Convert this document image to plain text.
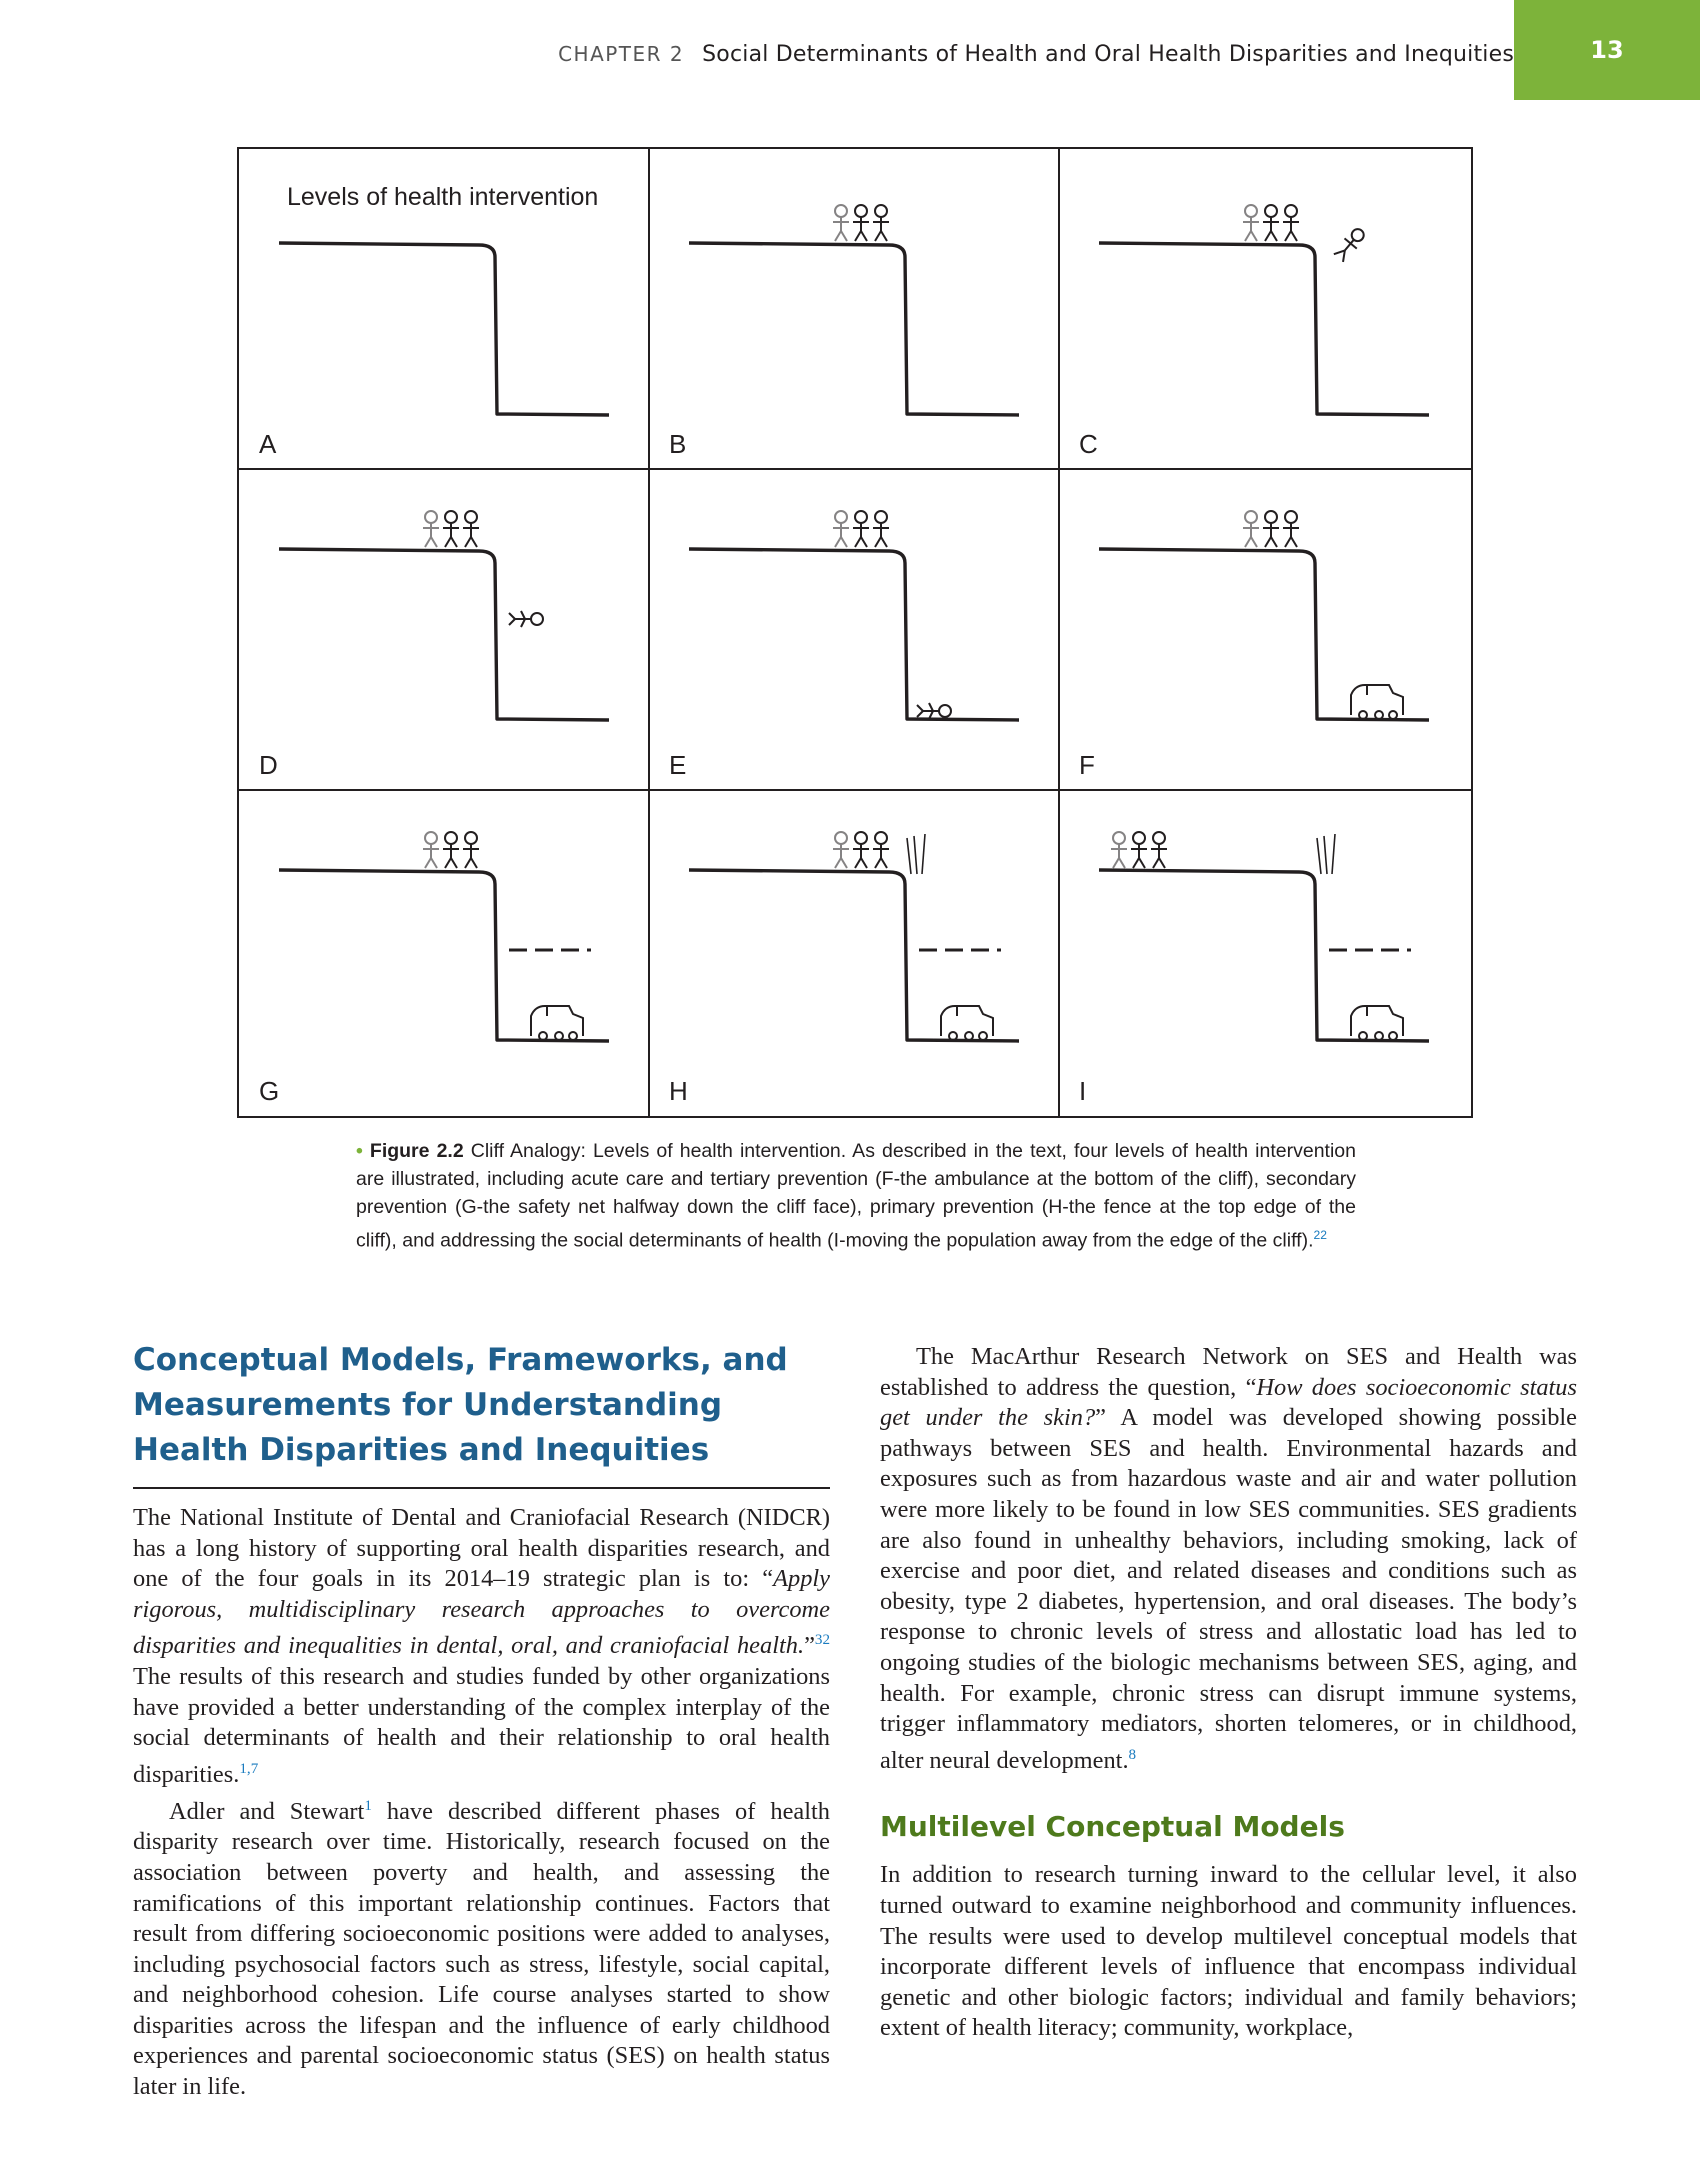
CHAPTER 2 Social Determinants of Health and Oral Health Disparities and Inequities	13
A
Levels of health intervention
B	C
D	E	F
G	H	I
• Figure 2.2 Cliff Analogy: Levels of health intervention. As described in the text, four levels of health intervention are illustrated, including acute care and tertiary prevention (F-the ambulance at the bottom of the cliff), secondary prevention (G-the safety net halfway down the cliff face), primary prevention (H-the fence at the top edge of the cliff), and addressing the social determinants of health (I-moving the population away from the edge of the cliff).$^{22}$
Conceptual Models, Frameworks, and Measurements for Understanding Health Disparities and Inequities

The National Institute of Dental and Craniofacial Research (NIDCR) has a long history of supporting oral health disparities research, and one of the four goals in its 2014–19 strategic plan is to: “Apply rigorous, multidisciplinary research approaches to overcome disparities and inequalities in dental, oral, and craniofacial health.”$^{32}$ The results of this research and studies funded by other organizations have provided a better understanding of the complex interplay of the social determinants of health and their relationship to oral health disparities.$^{1,7}$

Adler and Stewart$^1$ have described different phases of health disparity research over time. Historically, research focused on the association between poverty and health, and assessing the ramifications of this important relationship continues. Factors that result from differing socioeconomic positions were added to analyses, including psychosocial factors such as stress, lifestyle, social capital, and neighborhood cohesion. Life course analyses started to show disparities across the lifespan and the influence of early childhood experiences and parental socioeconomic status (SES) on health status later in life.

The MacArthur Research Network on SES and Health was established to address the question, “How does socioeconomic status get under the skin?” A model was developed showing possible pathways between SES and health. Environmental hazards and exposures such as from hazardous waste and air and water pollution were more likely to be found in low SES communities. SES gradients are also found in unhealthy behaviors, including smoking, lack of exercise and poor diet, and related diseases and conditions such as obesity, type 2 diabetes, hypertension, and oral diseases. The body’s response to chronic levels of stress and allostatic load has led to ongoing studies of the biologic mechanisms between SES, aging, and health. For example, chronic stress can disrupt immune systems, trigger inflammatory mediators, shorten telomeres, or in childhood, alter neural development.$^8$

Multilevel Conceptual Models

In addition to research turning inward to the cellular level, it also turned outward to examine neighborhood and community influences. The results were used to develop multilevel conceptual models that incorporate different levels of influence that encompass individual genetic and other biologic factors; individual and family behaviors; extent of health literacy; community, workplace,
